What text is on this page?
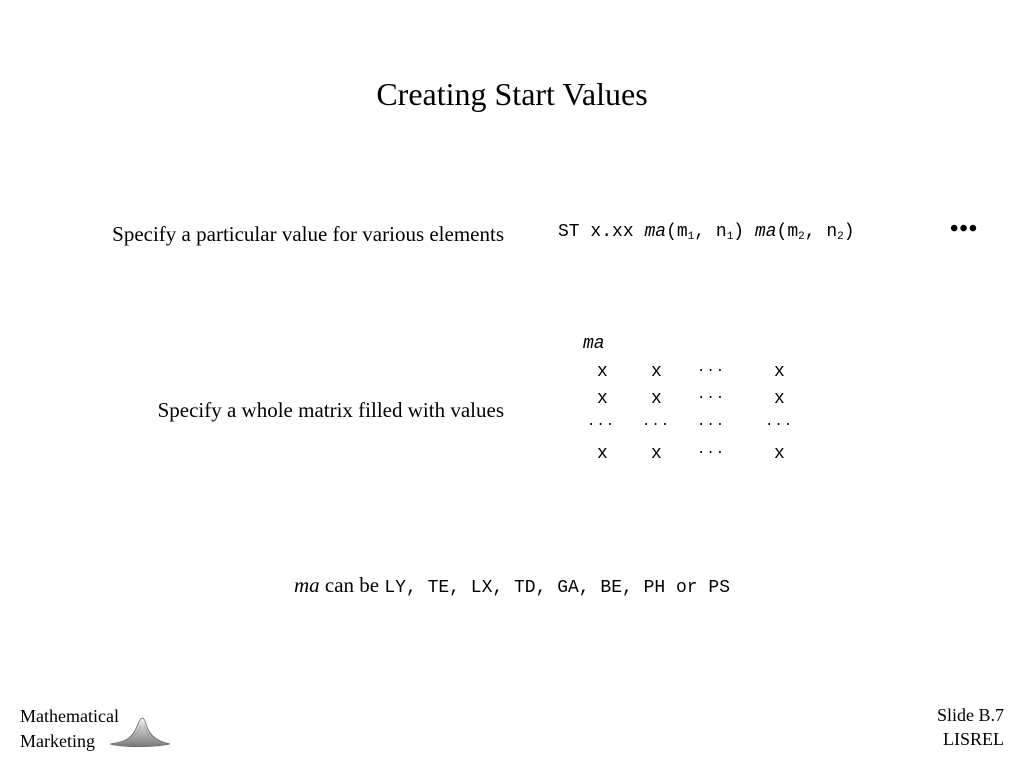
Creating Start Values
Specify a particular value for various elements	ST x.xx $ma(m_1$, $n_1$) $ma(m_2$, $n_2$)	•••
Specify a whole matrix filled with values
ma
x x	...	x
x x	...	x
... ... ...	...
x x	...	x
ma can be LY, TE, LX, TD, GA, BE, PH or PS
Mathematical
Marketing
Slide B.7
LISREL
